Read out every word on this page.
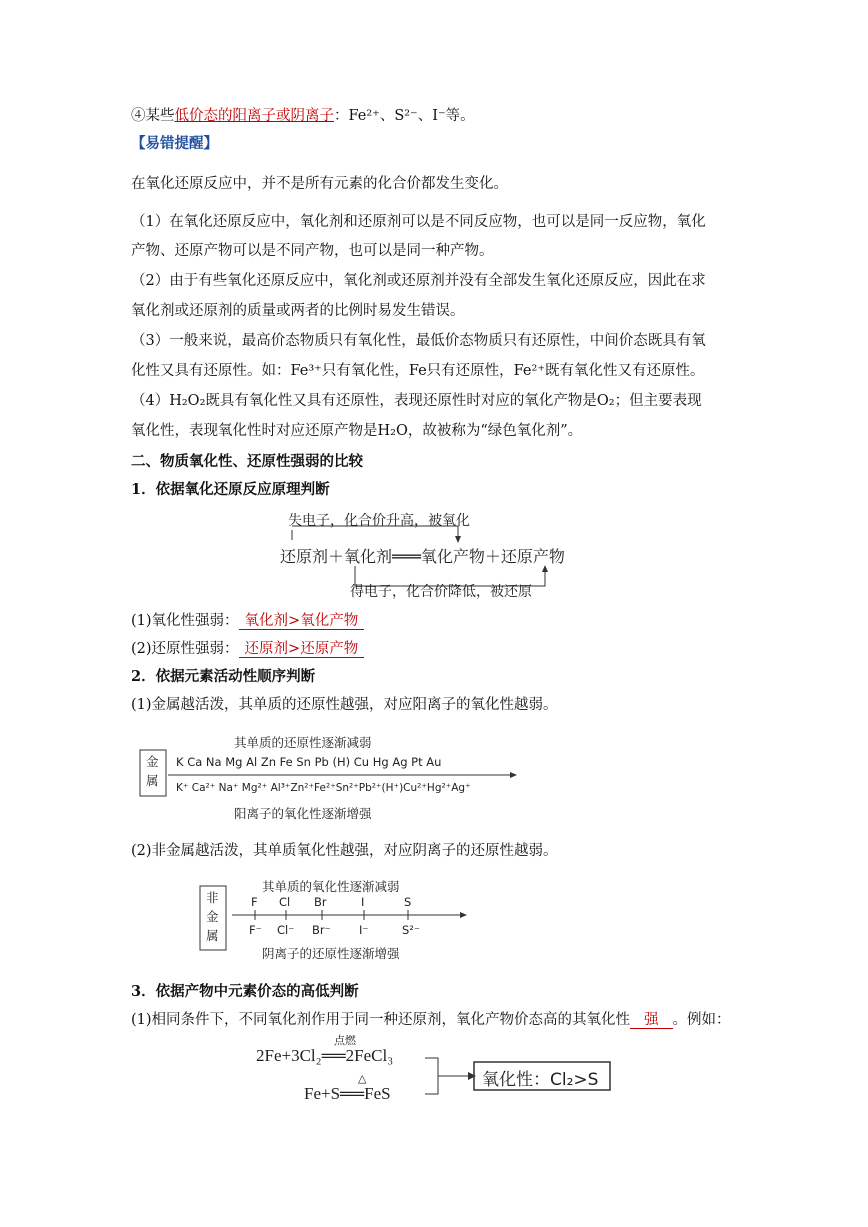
④某些低价态的阳离子或阴离子：Fe²⁺、S²⁻、I⁻等。
【易错提醒】
在氧化还原反应中，并不是所有元素的化合价都发生变化。
（1）在氧化还原反应中，氧化剂和还原剂可以是不同反应物，也可以是同一反应物，氧化
产物、还原产物可以是不同产物，也可以是同一种产物。
（2）由于有些氧化还原反应中，氧化剂或还原剂并没有全部发生氧化还原反应，因此在求
氧化剂或还原剂的质量或两者的比例时易发生错误。
（3）一般来说，最高价态物质只有氧化性，最低价态物质只有还原性，中间价态既具有氧
化性又具有还原性。如：Fe³⁺只有氧化性，Fe只有还原性，Fe²⁺既有氧化性又有还原性。
（4）H₂O₂既具有氧化性又具有还原性，表现还原性时对应的氧化产物是O₂；但主要表现
氧化性，表现氧化性时对应还原产物是H₂O，故被称为“绿色氧化剂”。
二、物质氧化性、还原性强弱的比较
1．依据氧化还原反应原理判断
失电子，化合价升高，被氧化
还原剂＋氧化剂═══氧化产物＋还原产物
得电子，化合价降低，被还原
(1)氧化性强弱： 氧化剂>氧化产物
(2)还原性强弱： 还原剂>还原产物
2．依据元素活动性顺序判断
(1)金属越活泼，其单质的还原性越强，对应阳离子的氧化性越弱。
金属
其单质的还原性逐渐减弱
K Ca Na Mg Al Zn Fe Sn Pb (H) Cu Hg Ag Pt Au
K⁺ Ca²⁺ Na⁺ Mg²⁺ Al³⁺Zn²⁺Fe²⁺Sn²⁺Pb²⁺(H⁺)Cu²⁺Hg²⁺Ag⁺
阳离子的氧化性逐渐增强
(2)非金属越活泼，其单质氧化性越强，对应阴离子的还原性越弱。
非金属
其单质的氧化性逐渐减弱
F Cl Br	I	S
F⁻ Cl⁻ Br⁻ I⁻	S²⁻
阴离子的还原性逐渐增强
3．依据产物中元素价态的高低判断
(1)相同条件下，不同氧化剂作用于同一种还原剂，氧化产物价态高的其氧化性 强 。例如：
点燃
2Fe+3Cl₂══2FeCl₃
△
Fe+S══FeS
氧化性：Cl₂>S
